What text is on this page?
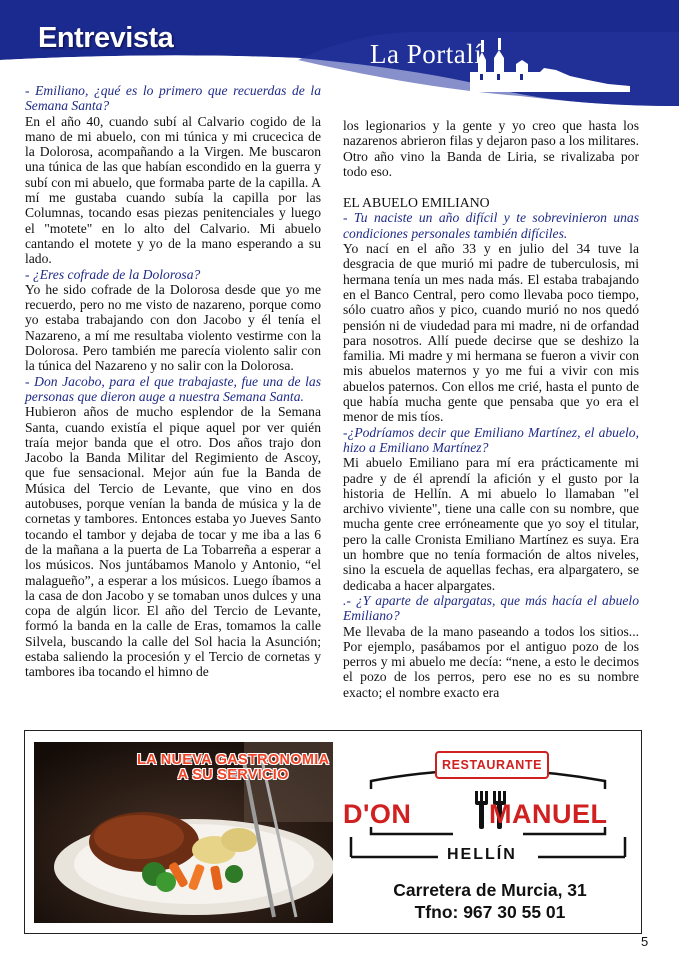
Entrevista	La Portalí

- Emiliano, ¿qué es lo primero que recuerdas de la Semana Santa?

En el año 40, cuando subí al Calvario cogido de la mano de mi abuelo, con mi túnica y mi crucecica de la Dolorosa, acompañando a la Virgen. Me buscaron una túnica de las que habían escondido en la guerra y subí con mi abuelo, que formaba parte de la capilla. A mí me gustaba cuando subía la capilla por las Columnas, tocando esas piezas penitenciales y luego el "motete" en lo alto del Calvario. Mi abuelo cantando el motete y yo de la mano esperando a su lado.

- ¿Eres cofrade de la Dolorosa?

Yo he sido cofrade de la Dolorosa desde que yo me recuerdo, pero no me visto de nazareno, porque como yo estaba trabajando con don Jacobo y él tenía el Nazareno, a mí me resultaba violento vestirme con la Dolorosa. Pero también me parecía violento salir con la túnica del Nazareno y no salir con la Dolorosa.

- Don Jacobo, para el que trabajaste, fue una de las personas que dieron auge a nuestra Semana Santa.

Hubieron años de mucho esplendor de la Semana Santa, cuando existía el pique aquel por ver quién traía mejor banda que el otro. Dos años trajo don Jacobo la Banda Militar del Regimiento de Ascoy, que fue sensacional. Mejor aún fue la Banda de Música del Tercio de Levante, que vino en dos autobuses, porque venían la banda de música y la de cornetas y tambores. Entonces estaba yo Jueves Santo tocando el tambor y dejaba de tocar y me iba a las 6 de la mañana a la puerta de La Tobarreña a esperar a los músicos. Nos juntábamos Manolo y Antonio, “el malagueño”, a esperar a los músicos. Luego íbamos a la casa de don Jacobo y se tomaban unos dulces y una copa de algún licor. El año del Tercio de Levante, formó la banda en la calle de Eras, tomamos la calle Silvela, buscando la calle del Sol hacia la Asunción; estaba saliendo la procesión y el Tercio de cornetas y tambores iba tocando el himno de

los legionarios y la gente y yo creo que hasta los nazarenos abrieron filas y dejaron paso a los militares. Otro año vino la Banda de Liria, se rivalizaba por todo eso.

EL ABUELO EMILIANO

- Tu naciste un año difícil y te sobrevinieron unas condiciones personales también difíciles.

Yo nací en el año 33 y en julio del 34 tuve la desgracia de que murió mi padre de tuberculosis, mi hermana tenía un mes nada más. El estaba trabajando en el Banco Central, pero como llevaba poco tiempo, sólo cuatro años y pico, cuando murió no nos quedó pensión ni de viudedad para mi madre, ni de orfandad para nosotros. Allí puede decirse que se deshizo la familia. Mi madre y mi hermana se fueron a vivir con mis abuelos maternos y yo me fui a vivir con mis abuelos paternos. Con ellos me crié, hasta el punto de que había mucha gente que pensaba que yo era el menor de mis tíos.

-¿Podríamos decir que Emiliano Martínez, el abuelo, hizo a Emiliano Martínez?

Mi abuelo Emiliano para mí era prácticamente mi padre y de él aprendí la afición y el gusto por la historia de Hellín. A mi abuelo lo llamaban "el archivo viviente", tiene una calle con su nombre, que mucha gente cree erróneamente que yo soy el titular, pero la calle Cronista Emiliano Martínez es suya. Era un hombre que no tenía formación de altos niveles, sino la escuela de aquellas fechas, era alpargatero, se dedicaba a hacer alpargates.

.- ¿Y aparte de alpargatas, que más hacía el abuelo Emiliano?

Me llevaba de la mano paseando a todos los sitios... Por ejemplo, pasábamos por el antiguo pozo de los perros y mi abuelo me decía: “nene, a esto le decimos el pozo de los perros, pero ese no es su nombre exacto; el nombre exacto era

LA NUEVA GASTRONOMIA
A SU SERVICIO
RESTAURANTE
D'ON	MANUEL
HELLÍN
Carretera de Murcia, 31
Tfno: 967 30 55 01
5
